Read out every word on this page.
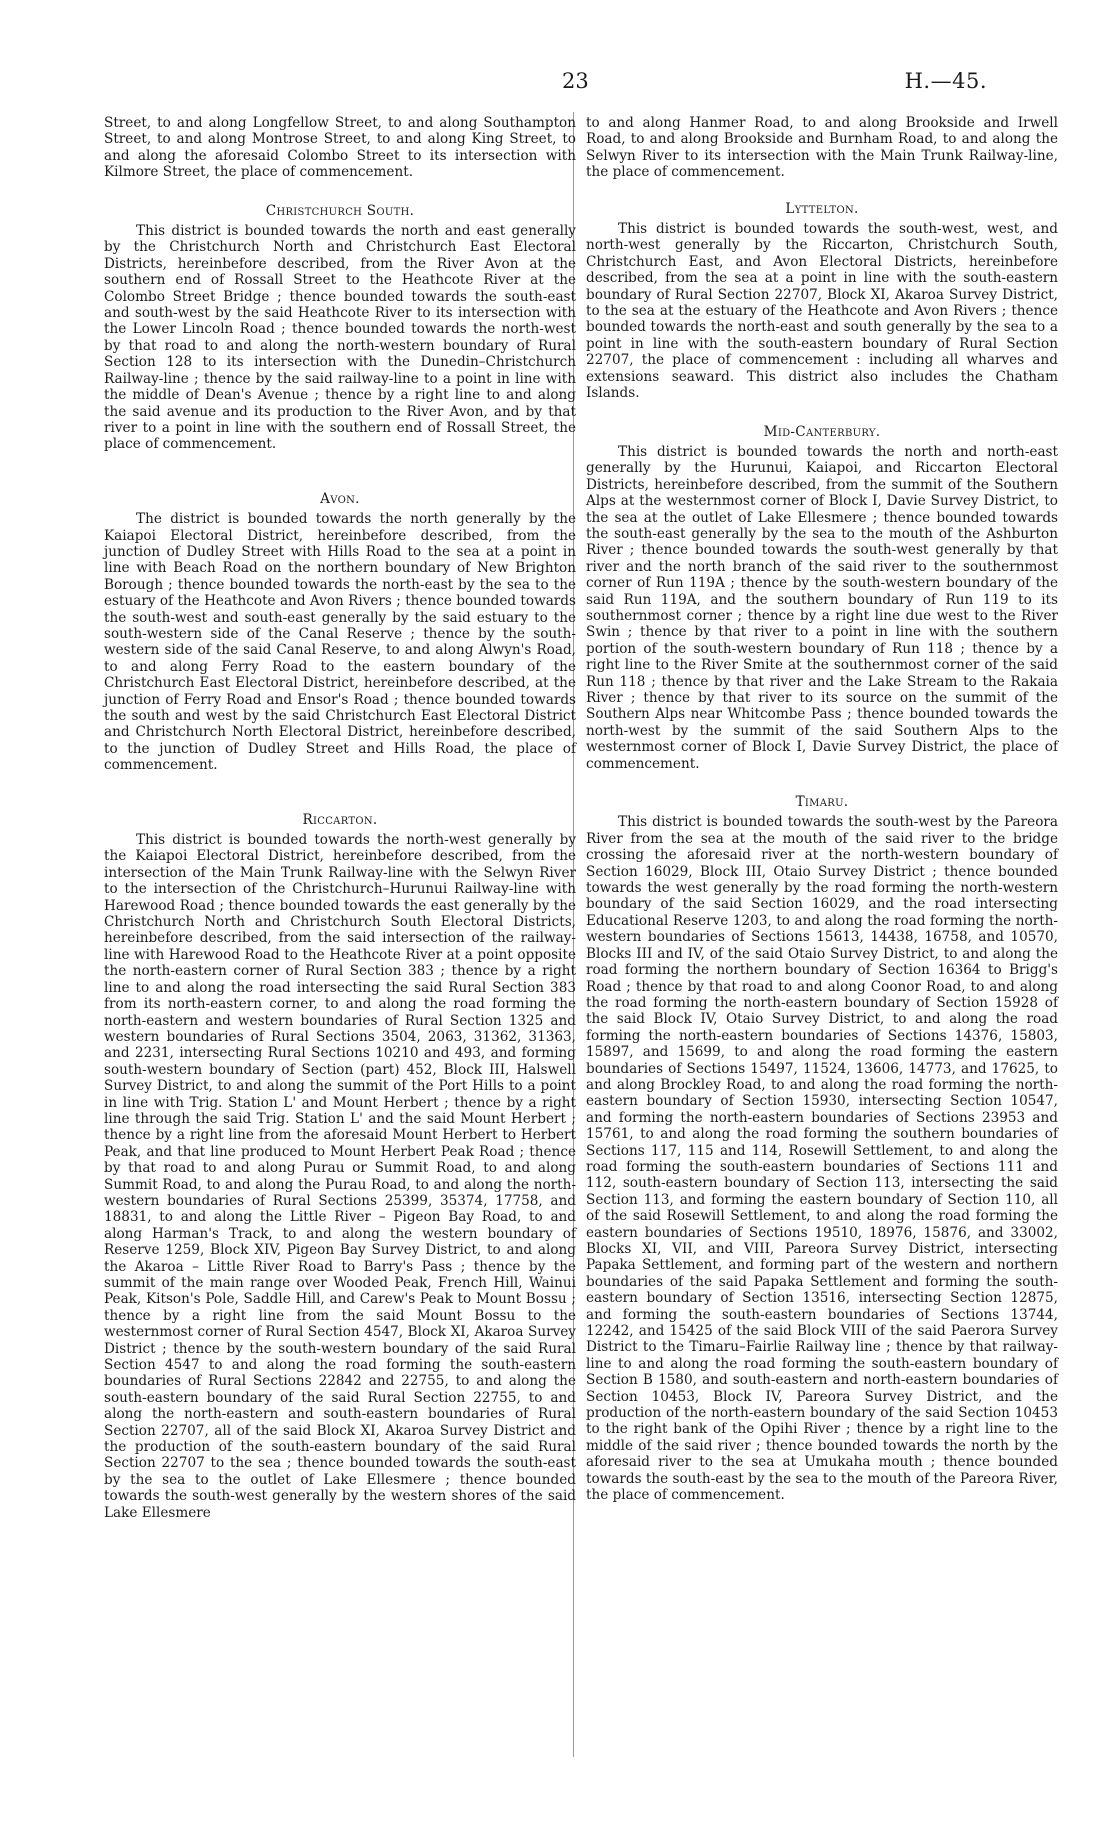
23	H.—45.

Street, to and along Longfellow Street, to and along Southampton Street, to and along Montrose Street, to and along King Street, to and along the aforesaid Colombo Street to its intersection with Kilmore Street, the place of commencement.

Christchurch South.

This district is bounded towards the north and east generally by the Christchurch North and Christchurch East Electoral Districts, hereinbefore described, from the River Avon at the southern end of Rossall Street to the Heathcote River at the Colombo Street Bridge ; thence bounded towards the south-east and south-west by the said Heathcote River to its intersection with the Lower Lincoln Road ; thence bounded towards the north-west by that road to and along the north-western boundary of Rural Section 128 to its intersection with the Dunedin–Christchurch Railway-line ; thence by the said railway-line to a point in line with the middle of Dean's Avenue ; thence by a right line to and along the said avenue and its production to the River Avon, and by that river to a point in line with the southern end of Rossall Street, the place of commencement.

Avon.

The district is bounded towards the north generally by the Kaiapoi Electoral District, hereinbefore described, from the junction of Dudley Street with Hills Road to the sea at a point in line with Beach Road on the northern boundary of New Brighton Borough ; thence bounded towards the north-east by the sea to the estuary of the Heathcote and Avon Rivers ; thence bounded towards the south-west and south-east generally by the said estuary to the south-western side of the Canal Reserve ; thence by the south-western side of the said Canal Reserve, to and along Alwyn's Road, to and along Ferry Road to the eastern boundary of the Christchurch East Electoral District, hereinbefore described, at the junction of Ferry Road and Ensor's Road ; thence bounded towards the south and west by the said Christchurch East Electoral District and Christchurch North Electoral District, hereinbefore described, to the junction of Dudley Street and Hills Road, the place of commencement.

Riccarton.

This district is bounded towards the north-west generally by the Kaiapoi Electoral District, hereinbefore described, from the intersection of the Main Trunk Railway-line with the Selwyn River to the intersection of the Christchurch–Hurunui Railway-line with Harewood Road ; thence bounded towards the east generally by the Christchurch North and Christchurch South Electoral Districts, hereinbefore described, from the said intersection of the railway-line with Harewood Road to the Heathcote River at a point opposite the north-eastern corner of Rural Section 383 ; thence by a right line to and along the road intersecting the said Rural Section 383 from its north-eastern corner, to and along the road forming the north-eastern and western boundaries of Rural Section 1325 and western boundaries of Rural Sections 3504, 2063, 31362, 31363, and 2231, intersecting Rural Sections 10210 and 493, and forming south-western boundary of Section (part) 452, Block III, Halswell Survey District, to and along the summit of the Port Hills to a point in line with Trig. Station L' and Mount Herbert ; thence by a right line through the said Trig. Station L' and the said Mount Herbert ; thence by a right line from the aforesaid Mount Herbert to Herbert Peak, and that line produced to Mount Herbert Peak Road ; thence by that road to and along Purau or Summit Road, to and along Summit Road, to and along the Purau Road, to and along the north-western boundaries of Rural Sections 25399, 35374, 17758, and 18831, to and along the Little River – Pigeon Bay Road, to and along Harman's Track, to and along the western boundary of Reserve 1259, Block XIV, Pigeon Bay Survey District, to and along the Akaroa – Little River Road to Barry's Pass ; thence by the summit of the main range over Wooded Peak, French Hill, Wainui Peak, Kitson's Pole, Saddle Hill, and Carew's Peak to Mount Bossu ; thence by a right line from the said Mount Bossu to the westernmost corner of Rural Section 4547, Block XI, Akaroa Survey District ; thence by the south-western boundary of the said Rural Section 4547 to and along the road forming the south-eastern boundaries of Rural Sections 22842 and 22755, to and along the south-eastern boundary of the said Rural Section 22755, to and along the north-eastern and south-eastern boundaries of Rural Section 22707, all of the said Block XI, Akaroa Survey District and the production of the south-eastern boundary of the said Rural Section 22707 to the sea ; thence bounded towards the south-east by the sea to the outlet of Lake Ellesmere ; thence bounded towards the south-west generally by the western shores of the said Lake Ellesmere

to and along Hanmer Road, to and along Brookside and Irwell Road, to and along Brookside and Burnham Road, to and along the Selwyn River to its intersection with the Main Trunk Railway-line, the place of commencement.

Lyttelton.

This district is bounded towards the south-west, west, and north-west generally by the Riccarton, Christchurch South, Christchurch East, and Avon Electoral Districts, hereinbefore described, from the sea at a point in line with the south-eastern boundary of Rural Section 22707, Block XI, Akaroa Survey District, to the sea at the estuary of the Heathcote and Avon Rivers ; thence bounded towards the north-east and south generally by the sea to a point in line with the south-eastern boundary of Rural Section 22707, the place of commencement : including all wharves and extensions seaward. This district also includes the Chatham Islands.

Mid-Canterbury.

This district is bounded towards the north and north-east generally by the Hurunui, Kaiapoi, and Riccarton Electoral Districts, hereinbefore described, from the summit of the Southern Alps at the westernmost corner of Block I, Davie Survey District, to the sea at the outlet of Lake Ellesmere ; thence bounded towards the south-east generally by the sea to the mouth of the Ashburton River ; thence bounded towards the south-west generally by that river and the north branch of the said river to the southernmost corner of Run 119A ; thence by the south-western boundary of the said Run 119A, and the southern boundary of Run 119 to its southernmost corner ; thence by a right line due west to the River Swin ; thence by that river to a point in line with the southern portion of the south-western boundary of Run 118 ; thence by a right line to the River Smite at the southernmost corner of the said Run 118 ; thence by that river and the Lake Stream to the Rakaia River ; thence by that river to its source on the summit of the Southern Alps near Whitcombe Pass ; thence bounded towards the north-west by the summit of the said Southern Alps to the westernmost corner of Block I, Davie Survey District, the place of commencement.

Timaru.

This district is bounded towards the south-west by the Pareora River from the sea at the mouth of the said river to the bridge crossing the aforesaid river at the north-western boundary of Section 16029, Block III, Otaio Survey District ; thence bounded towards the west generally by the road forming the north-western boundary of the said Section 16029, and the road intersecting Educational Reserve 1203, to and along the road forming the north-western boundaries of Sections 15613, 14438, 16758, and 10570, Blocks III and IV, of the said Otaio Survey District, to and along the road forming the northern boundary of Section 16364 to Brigg's Road ; thence by that road to and along Coonor Road, to and along the road forming the north-eastern boundary of Section 15928 of the said Block IV, Otaio Survey District, to and along the road forming the north-eastern boundaries of Sections 14376, 15803, 15897, and 15699, to and along the road forming the eastern boundaries of Sections 15497, 11524, 13606, 14773, and 17625, to and along Brockley Road, to and along the road forming the north-eastern boundary of Section 15930, intersecting Section 10547, and forming the north-eastern boundaries of Sections 23953 and 15761, to and along the road forming the southern boundaries of Sections 117, 115 and 114, Rosewill Settlement, to and along the road forming the south-eastern boundaries of Sections 111 and 112, south-eastern boundary of Section 113, intersecting the said Section 113, and forming the eastern boundary of Section 110, all of the said Rosewill Settlement, to and along the road forming the eastern boundaries of Sections 19510, 18976, 15876, and 33002, Blocks XI, VII, and VIII, Pareora Survey District, intersecting Papaka Settlement, and forming part of the western and northern boundaries of the said Papaka Settlement and forming the south-eastern boundary of Section 13516, intersecting Section 12875, and forming the south-eastern boundaries of Sections 13744, 12242, and 15425 of the said Block VIII of the said Paerora Survey District to the Timaru–Fairlie Railway line ; thence by that railway-line to and along the road forming the south-eastern boundary of Section B 1580, and south-eastern and north-eastern boundaries of Section 10453, Block IV, Pareora Survey District, and the production of the north-eastern boundary of the said Section 10453 to the right bank of the Opihi River ; thence by a right line to the middle of the said river ; thence bounded towards the north by the aforesaid river to the sea at Umukaha mouth ; thence bounded towards the south-east by the sea to the mouth of the Pareora River, the place of commencement.
